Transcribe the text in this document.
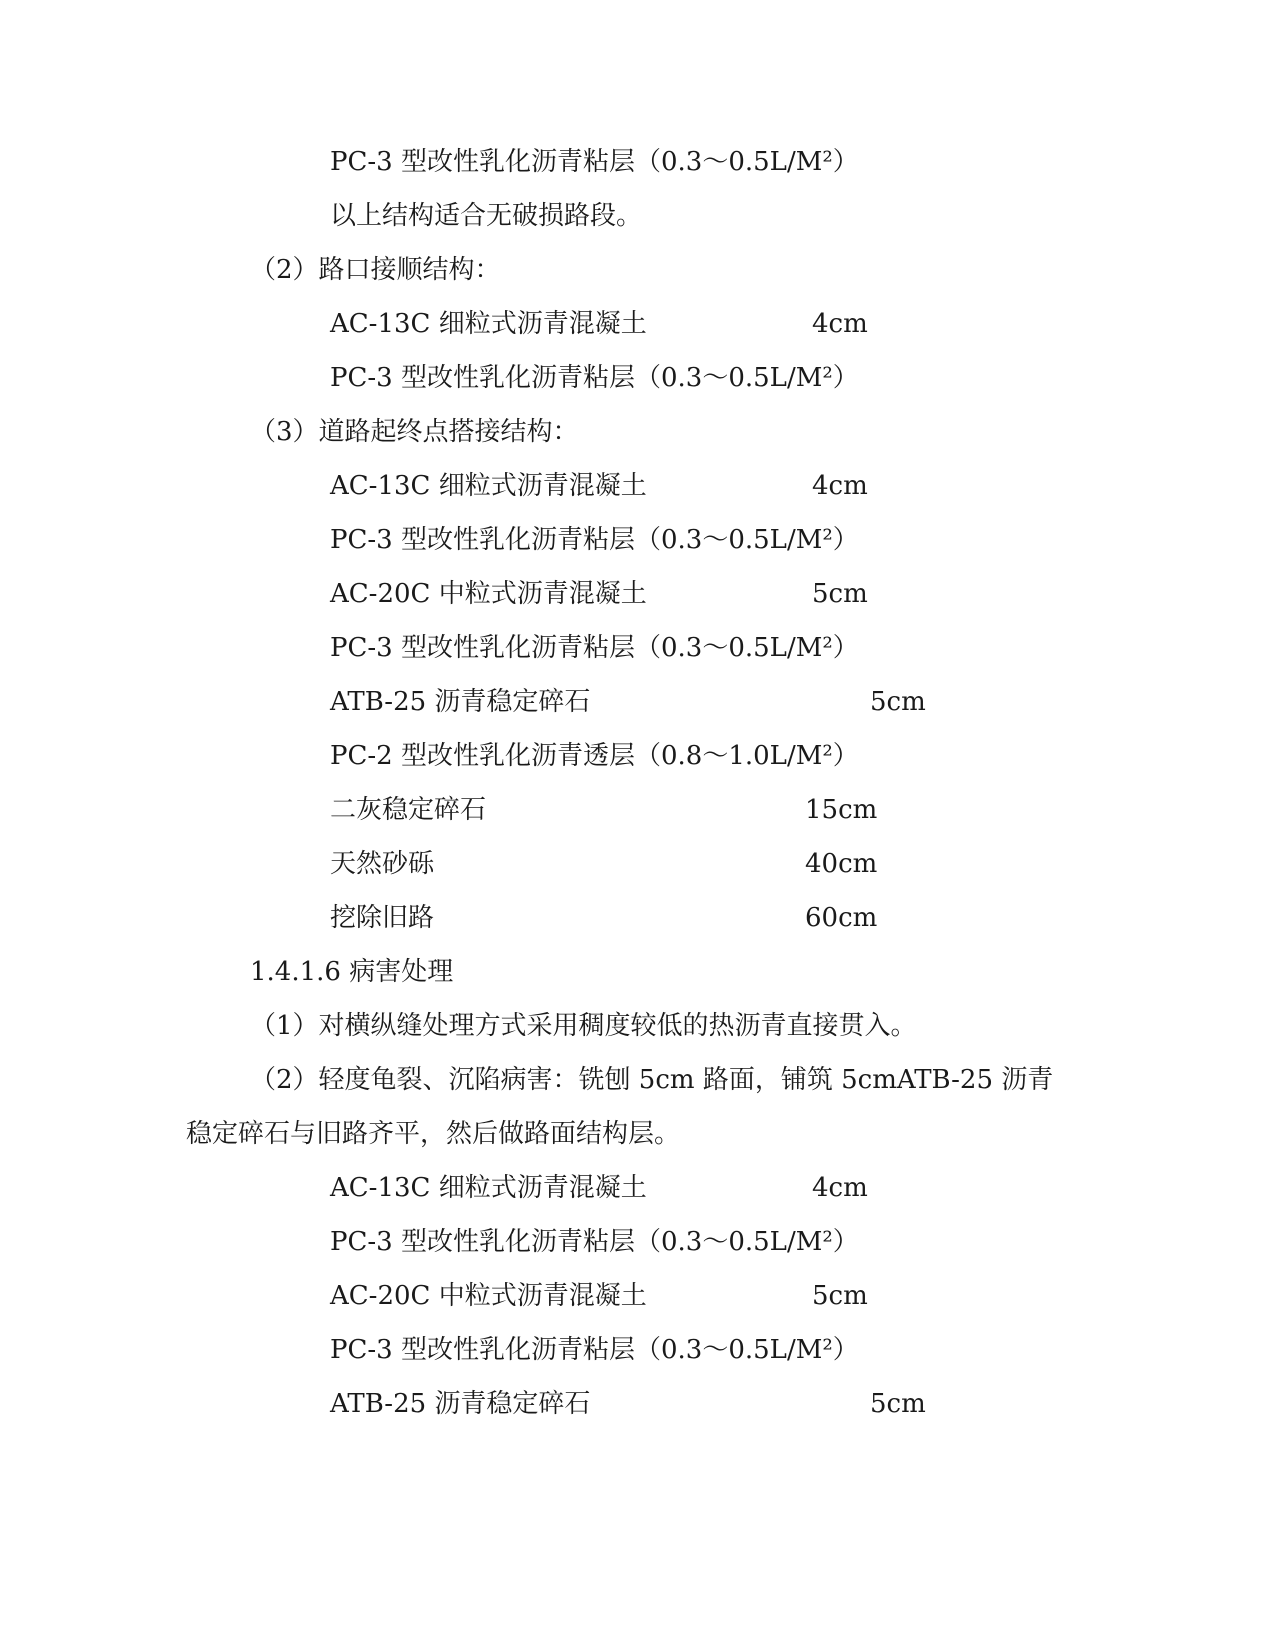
PC-3 型改性乳化沥青粘层（0.3～0.5L/M²）
以上结构适合无破损路段。
（2）路口接顺结构：
AC-13C 细粒式沥青混凝土	4cm
PC-3 型改性乳化沥青粘层（0.3～0.5L/M²）
（3）道路起终点搭接结构：
AC-13C 细粒式沥青混凝土	4cm
PC-3 型改性乳化沥青粘层（0.3～0.5L/M²）
AC-20C 中粒式沥青混凝土	5cm
PC-3 型改性乳化沥青粘层（0.3～0.5L/M²）
ATB-25 沥青稳定碎石	5cm
PC-2 型改性乳化沥青透层（0.8～1.0L/M²）
二灰稳定碎石	15cm
天然砂砾	40cm
挖除旧路	60cm
1.4.1.6 病害处理
（1）对横纵缝处理方式采用稠度较低的热沥青直接贯入。
（2）轻度龟裂、沉陷病害：铣刨 5cm 路面，铺筑 5cmATB-25 沥青
稳定碎石与旧路齐平，然后做路面结构层。
AC-13C 细粒式沥青混凝土	4cm
PC-3 型改性乳化沥青粘层（0.3～0.5L/M²）
AC-20C 中粒式沥青混凝土	5cm
PC-3 型改性乳化沥青粘层（0.3～0.5L/M²）
ATB-25 沥青稳定碎石	5cm
